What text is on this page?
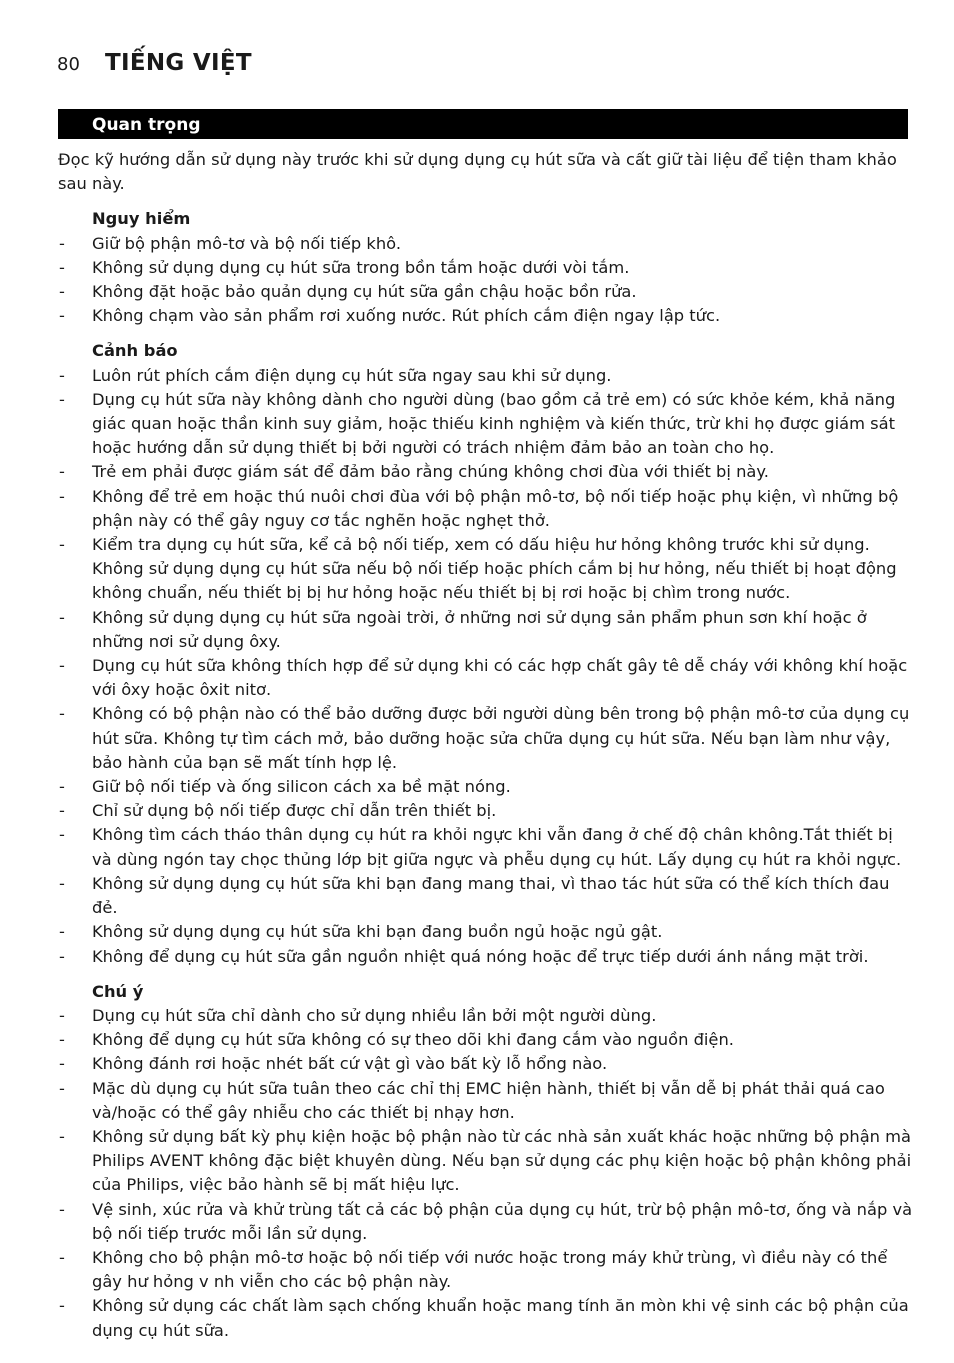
80	TIẾNG VIỆT
Quan trọng

Đọc kỹ hướng dẫn sử dụng này trước khi sử dụng dụng cụ hút sữa và cất giữ tài liệu để tiện tham khảo sau này.

Nguy hiểm
- Giữ bộ phận mô-tơ và bộ nối tiếp khô.
- Không sử dụng dụng cụ hút sữa trong bồn tắm hoặc dưới vòi tắm.
- Không đặt hoặc bảo quản dụng cụ hút sữa gần chậu hoặc bồn rửa.
- Không chạm vào sản phẩm rơi xuống nước. Rút phích cắm điện ngay lập tức.
Cảnh báo
- Luôn rút phích cắm điện dụng cụ hút sữa ngay sau khi sử dụng.
- Dụng cụ hút sữa này không dành cho người dùng (bao gồm cả trẻ em) có sức khỏe kém, khả năng giác quan hoặc thần kinh suy giảm, hoặc thiếu kinh nghiệm và kiến thức, trừ khi họ được giám sát hoặc hướng dẫn sử dụng thiết bị bởi người có trách nhiệm đảm bảo an toàn cho họ.
- Trẻ em phải được giám sát để đảm bảo rằng chúng không chơi đùa với thiết bị này.
- Không để trẻ em hoặc thú nuôi chơi đùa với bộ phận mô-tơ, bộ nối tiếp hoặc phụ kiện, vì những bộ phận này có thể gây nguy cơ tắc nghẽn hoặc nghẹt thở.
- Kiểm tra dụng cụ hút sữa, kể cả bộ nối tiếp, xem có dấu hiệu hư hỏng không trước khi sử dụng. Không sử dụng dụng cụ hút sữa nếu bộ nối tiếp hoặc phích cắm bị hư hỏng, nếu thiết bị hoạt động không chuẩn, nếu thiết bị bị hư hỏng hoặc nếu thiết bị bị rơi hoặc bị chìm trong nước.
- Không sử dụng dụng cụ hút sữa ngoài trời, ở những nơi sử dụng sản phẩm phun sơn khí hoặc ở những nơi sử dụng ôxy.
- Dụng cụ hút sữa không thích hợp để sử dụng khi có các hợp chất gây tê dễ cháy với không khí hoặc với ôxy hoặc ôxit nitơ.
- Không có bộ phận nào có thể bảo dưỡng được bởi người dùng bên trong bộ phận mô-tơ của dụng cụ hút sữa. Không tự tìm cách mở, bảo dưỡng hoặc sửa chữa dụng cụ hút sữa. Nếu bạn làm như vậy, bảo hành của bạn sẽ mất tính hợp lệ.
- Giữ bộ nối tiếp và ống silicon cách xa bề mặt nóng.
- Chỉ sử dụng bộ nối tiếp được chỉ dẫn trên thiết bị.
- Không tìm cách tháo thân dụng cụ hút ra khỏi ngực khi vẫn đang ở chế độ chân không.Tắt thiết bị và dùng ngón tay chọc thủng lớp bịt giữa ngực và phễu dụng cụ hút. Lấy dụng cụ hút ra khỏi ngực.
- Không sử dụng dụng cụ hút sữa khi bạn đang mang thai, vì thao tác hút sữa có thể kích thích đau đẻ.
- Không sử dụng dụng cụ hút sữa khi bạn đang buồn ngủ hoặc ngủ gật.
- Không để dụng cụ hút sữa gần nguồn nhiệt quá nóng hoặc để trực tiếp dưới ánh nắng mặt trời.
Chú ý
- Dụng cụ hút sữa chỉ dành cho sử dụng nhiều lần bởi một người dùng.
- Không để dụng cụ hút sữa không có sự theo dõi khi đang cắm vào nguồn điện.
- Không đánh rơi hoặc nhét bất cứ vật gì vào bất kỳ lỗ hổng nào.
- Mặc dù dụng cụ hút sữa tuân theo các chỉ thị EMC hiện hành, thiết bị vẫn dễ bị phát thải quá cao và/hoặc có thể gây nhiễu cho các thiết bị nhạy hơn.
- Không sử dụng bất kỳ phụ kiện hoặc bộ phận nào từ các nhà sản xuất khác hoặc những bộ phận mà Philips AVENT không đặc biệt khuyên dùng. Nếu bạn sử dụng các phụ kiện hoặc bộ phận không phải của Philips, việc bảo hành sẽ bị mất hiệu lực.
- Vệ sinh, xúc rửa và khử trùng tất cả các bộ phận của dụng cụ hút, trừ bộ phận mô-tơ, ống và nắp và bộ nối tiếp trước mỗi lần sử dụng.
- Không cho bộ phận mô-tơ hoặc bộ nối tiếp với nước hoặc trong máy khử trùng, vì điều này có thể gây hư hỏng v nh viễn cho các bộ phận này.
- Không sử dụng các chất làm sạch chống khuẩn hoặc mang tính ăn mòn khi vệ sinh các bộ phận của dụng cụ hút sữa.
